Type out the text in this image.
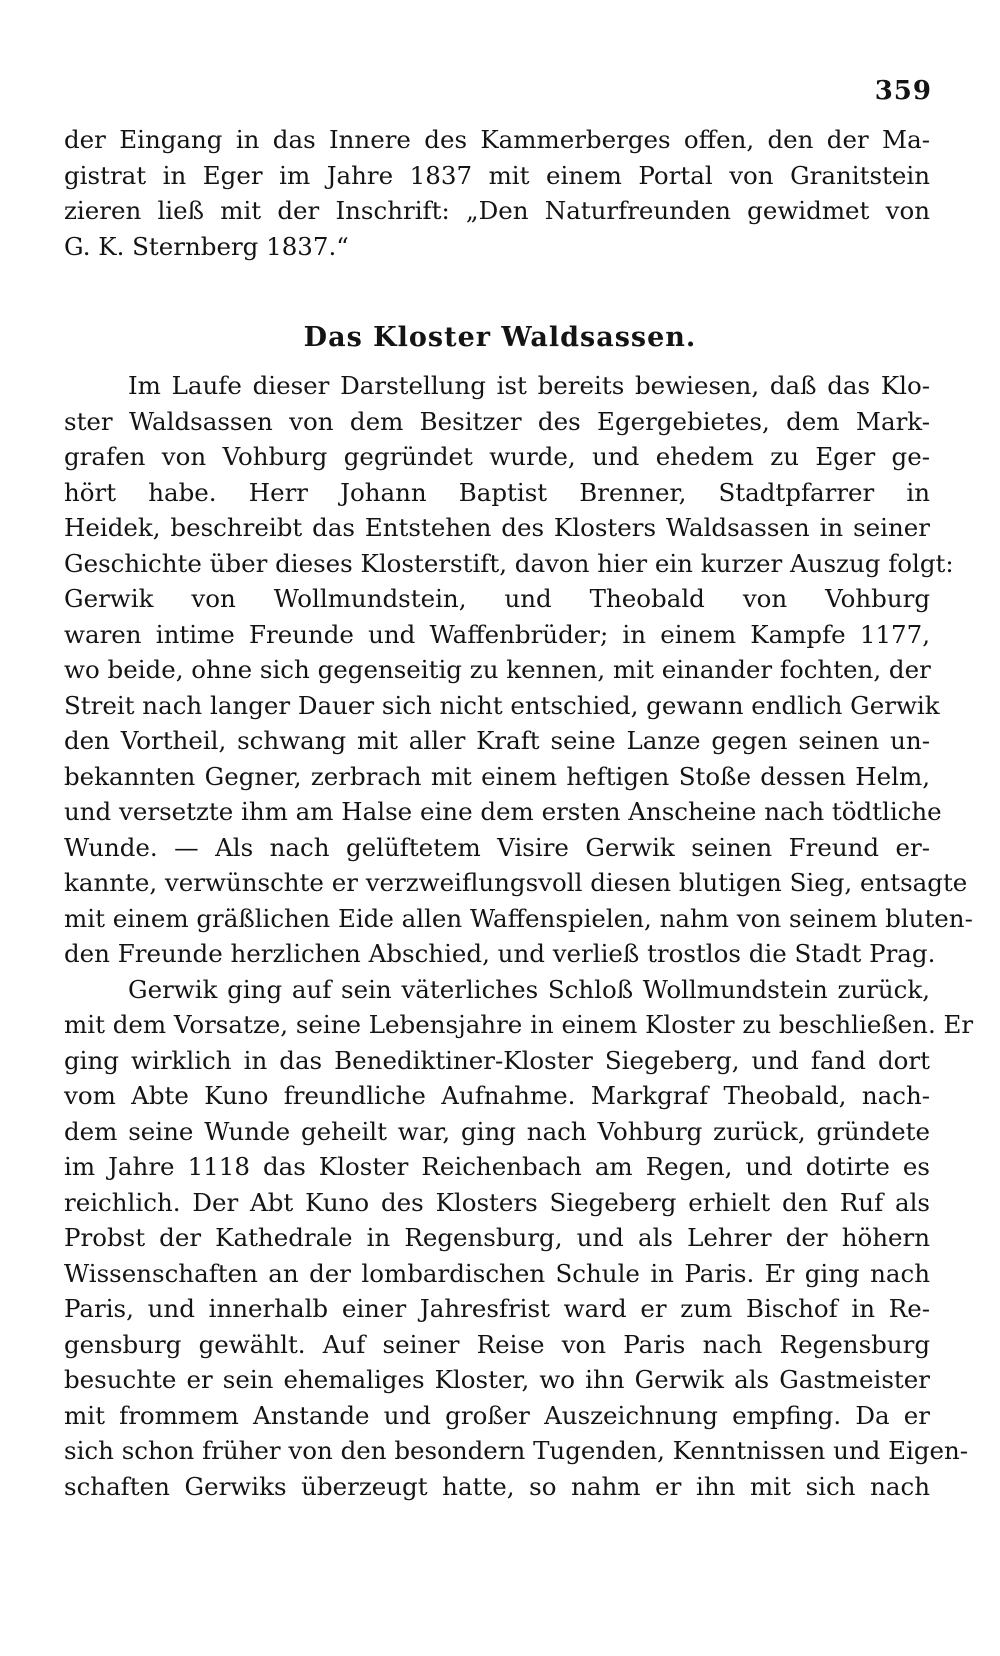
359
der Eingang in das Innere des Kammerberges offen, den der Ma-
gistrat in Eger im Jahre 1837 mit einem Portal von Granitstein
zieren ließ mit der Inschrift: „Den Naturfreunden gewidmet von
G. K. Sternberg 1837.“
Das Kloster Waldsassen.
Im Laufe dieser Darstellung ist bereits bewiesen, daß das Klo-
ster Waldsassen von dem Besitzer des Egergebietes, dem Mark-
grafen von Vohburg gegründet wurde, und ehedem zu Eger ge-
hört habe. Herr Johann Baptist Brenner, Stadtpfarrer in
Heidek, beschreibt das Entstehen des Klosters Waldsassen in seiner
Geschichte über dieses Klosterstift, davon hier ein kurzer Auszug folgt:
Gerwik von Wollmundstein, und Theobald von Vohburg
waren intime Freunde und Waffenbrüder; in einem Kampfe 1177,
wo beide, ohne sich gegenseitig zu kennen, mit einander fochten, der
Streit nach langer Dauer sich nicht entschied, gewann endlich Gerwik
den Vortheil, schwang mit aller Kraft seine Lanze gegen seinen un-
bekannten Gegner, zerbrach mit einem heftigen Stoße dessen Helm,
und versetzte ihm am Halse eine dem ersten Anscheine nach tödtliche
Wunde. — Als nach gelüftetem Visire Gerwik seinen Freund er-
kannte, verwünschte er verzweiflungsvoll diesen blutigen Sieg, entsagte
mit einem gräßlichen Eide allen Waffenspielen, nahm von seinem bluten-
den Freunde herzlichen Abschied, und verließ trostlos die Stadt Prag.
Gerwik ging auf sein väterliches Schloß Wollmundstein zurück,
mit dem Vorsatze, seine Lebensjahre in einem Kloster zu beschließen. Er
ging wirklich in das Benediktiner-Kloster Siegeberg, und fand dort
vom Abte Kuno freundliche Aufnahme. Markgraf Theobald, nach-
dem seine Wunde geheilt war, ging nach Vohburg zurück, gründete
im Jahre 1118 das Kloster Reichenbach am Regen, und dotirte es
reichlich. Der Abt Kuno des Klosters Siegeberg erhielt den Ruf als
Probst der Kathedrale in Regensburg, und als Lehrer der höhern
Wissenschaften an der lombardischen Schule in Paris. Er ging nach
Paris, und innerhalb einer Jahresfrist ward er zum Bischof in Re-
gensburg gewählt. Auf seiner Reise von Paris nach Regensburg
besuchte er sein ehemaliges Kloster, wo ihn Gerwik als Gastmeister
mit frommem Anstande und großer Auszeichnung empfing. Da er
sich schon früher von den besondern Tugenden, Kenntnissen und Eigen-
schaften Gerwiks überzeugt hatte, so nahm er ihn mit sich nach
